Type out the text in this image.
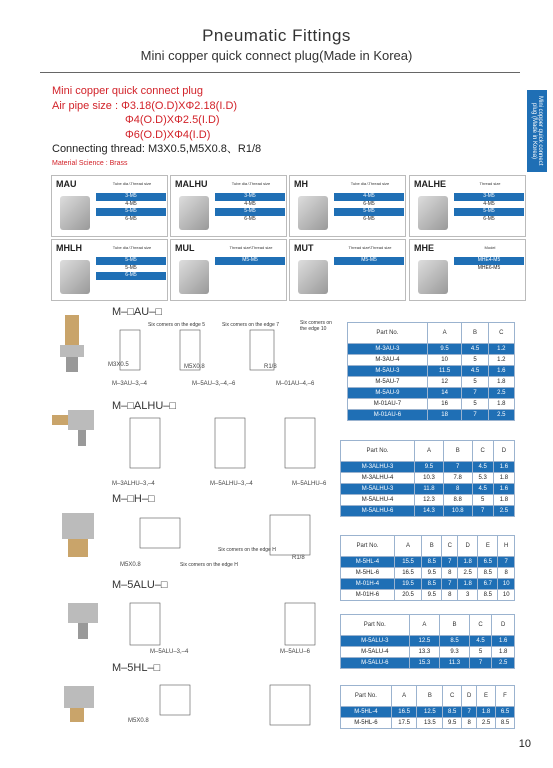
Pneumatic Fittings
Mini copper quick connect plug(Made in Korea)
Mini copper quick connect plug (Made in Korea)
Mini copper quick connect plug
Air pipe size : Φ3.18(O.D)XΦ2.18(I.D)
Φ4(O.D)XΦ2.5(I.D)
Φ6(O.D)XΦ4(I.D)
Connecting thread: M3X0.5,M5X0.8、R1/8
Material Science : Brass
MAU	Tube dia.\Thread size
3-M5
4-M5
5-M5
6-M5
MALHU	Tube dia.\Thread size
3-M5
4-M5
5-M5
6-M5
MH	Tube dia.\Thread size
4-M5
6-M5
5-M5
6-M5
MALHE	Thread size
3-M5
4-M5
5-M5
6-M5
MHLH	Tube dia.\Thread size
5-M5
5-M5
6-M5
MUL	Thread size\Thread size
M5-M5
MUT	Thread size\Thread size
M5-M5
MHE	Model
MHE4-M5
MHE6-M5
M–□AU–□
Six corners on the edge 5	Six corners on the edge 7	Six corners on the edge 10
M3X0.5	M5X0.8	R1/8
M–3AU–3,–4	M–5AU–3,–4,–6	M–01AU–4,–6
Part No.	A	B	C
M-3AU-3	9.5	4.5	1.2
M-3AU-4	10	5	1.2
M-5AU-3	11.5	4.5	1.6
M-5AU-7	12	5	1.8
M-5AU-9	14	7	2.5
M-01AU-7	16	5	1.8
M-01AU-6	18	7	2.5
M–□ALHU–□
M–3ALHU–3,–4	M–5ALHU–3,–4	M–5ALHU–6
Part No.	A	B	C	D
M-3ALHU-3	9.5	7	4.5	1.6
M-3ALHU-4	10.3	7.8	5.3	1.8
M-5ALHU-3	11.8	8	4.5	1.6
M-5ALHU-4	12.3	8.8	5	1.8
M-5ALHU-6	14.3	10.8	7	2.5
M–□H–□
Six corners on the edge H
Six corners on the edge H
M5X0.8
R1/8
Part No.	A	B	C	D	E	H
M-5HL-4	15.5	8.5	7	1.8	6.5	7
M-5HL-6	16.5	9.5	8	2.5	8.5	8
M-01H-4	19.5	8.5	7	1.8	6.7	10
M-01H-6	20.5	9.5	8	3	8.5	10
M–5ALU–□
M–5ALU–3,–4	M–5ALU–6
Part No.	A	B	C	D
M-5ALU-3	12.5	8.5	4.5	1.6
M-5ALU-4	13.3	9.3	5	1.8
M-5ALU-6	15.3	11.3	7	2.5
M–5HL–□
M5X0.8
Part No.	A	B	C	D	E	F
M-5HL-4	16.5	12.5	8.5	7	1.8	6.5
M-5HL-6	17.5	13.5	9.5	8	2.5	8.5
10
